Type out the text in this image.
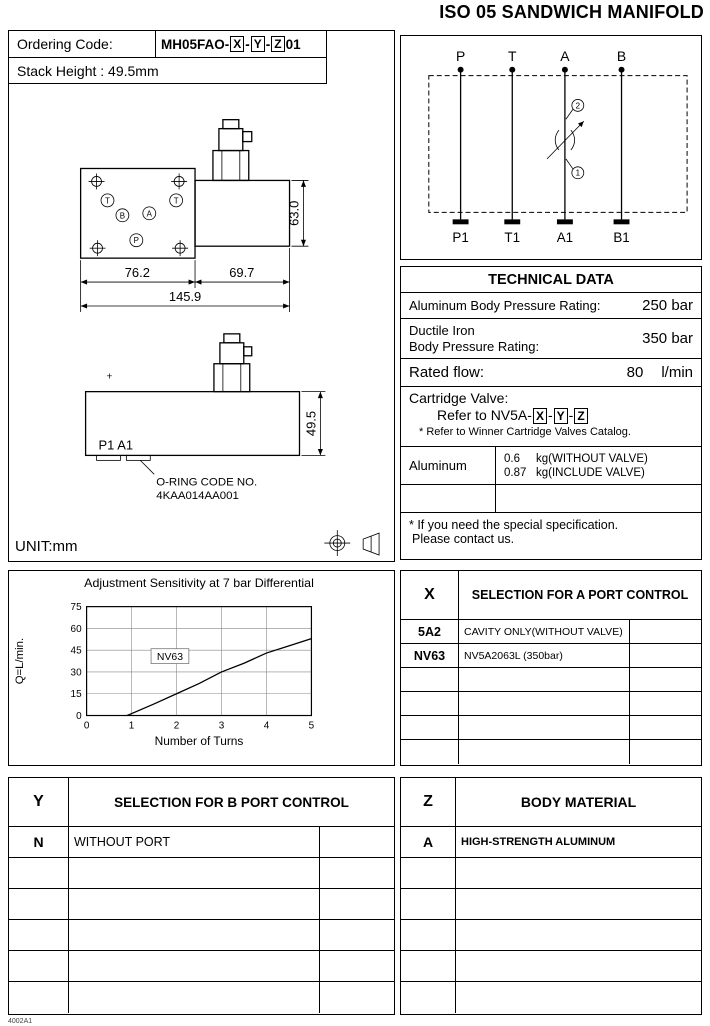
ISO 05 SANDWICH MANIFOLD
Ordering Code:	MH05FAO- X - Y - Z 01
Stack Height : 49.5mm
T
B	A
T
P
76.2	69.7
145.9
63.0
+
P1 A1
O-RING CODE NO.
4KAA014AA001
49.5
UNIT:mm
P	T	A	B
2
1
P1	T1	A1	B1
TECHNICAL DATA
Aluminum Body Pressure Rating:	250 bar
Ductile Iron
Body Pressure Rating:	350 bar
Rated flow:	80 l/min
Cartridge Valve:
Refer to NV5A- X - Y - Z
* Refer to Winner Cartridge Valves Catalog.
Aluminum	0.6 kg(WITHOUT VALVE)
0.87 kg(INCLUDE VALVE)
* If you need the special specification.
Please contact us.
Adjustment Sensitivity at 7 bar Differential
0
15
30
45
60
75
0	1	2	3	4	5
Number of Turns
Q=L/min.	NV63
X	SELECTION FOR A PORT CONTROL
5A2	CAVITY ONLY(WITHOUT VALVE)
NV63	NV5A2063L (350bar)
Y	SELECTION FOR B PORT CONTROL
N	WITHOUT PORT
Z	BODY MATERIAL
A	HIGH-STRENGTH ALUMINUM
4002A1
